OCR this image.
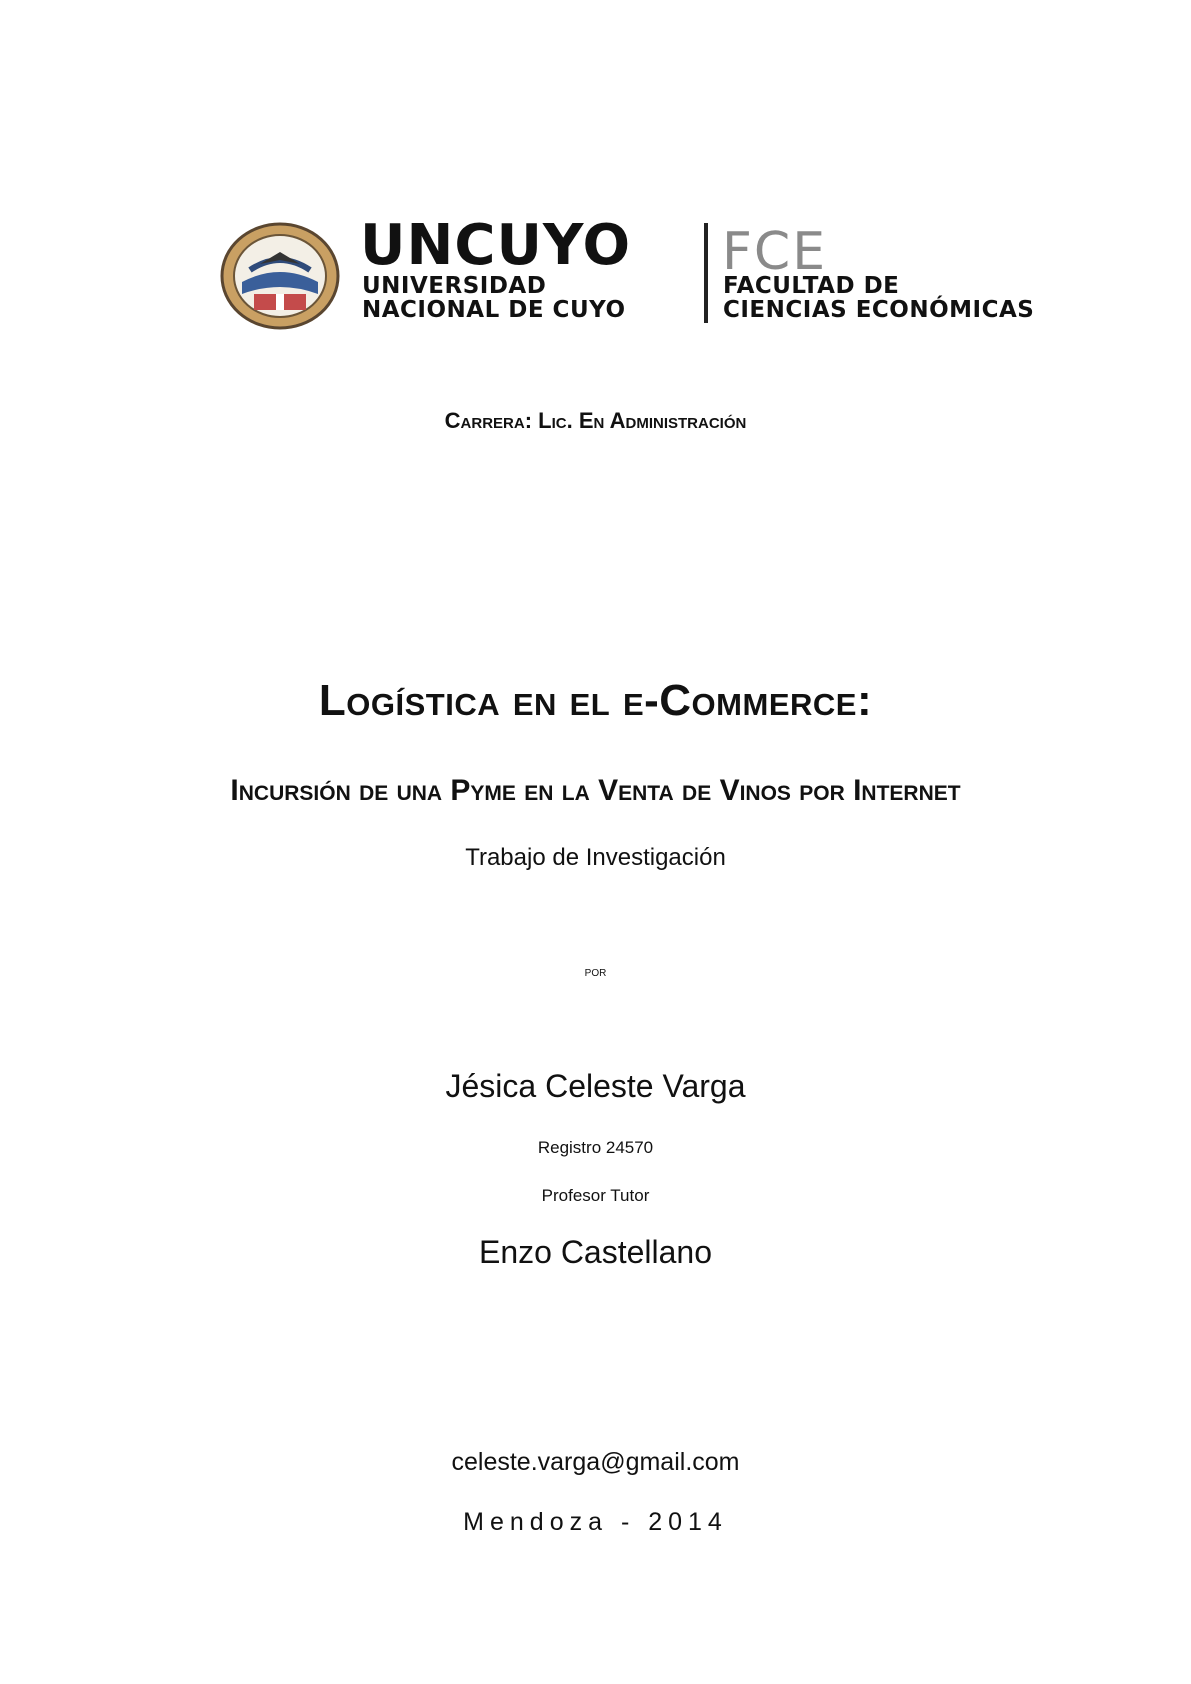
UNCUYO
UNIVERSIDAD
NACIONAL DE CUYO
FCE
FACULTAD DE
CIENCIAS ECONÓMICAS
Carrera: Lic. En Administración
Logística en el e-Commerce:
Incursión de una Pyme en la Venta de Vinos por Internet
Trabajo de Investigación
por
Jésica Celeste Varga
Registro 24570
Profesor Tutor
Enzo Castellano
celeste.varga@gmail.com
Mendoza - 2014
